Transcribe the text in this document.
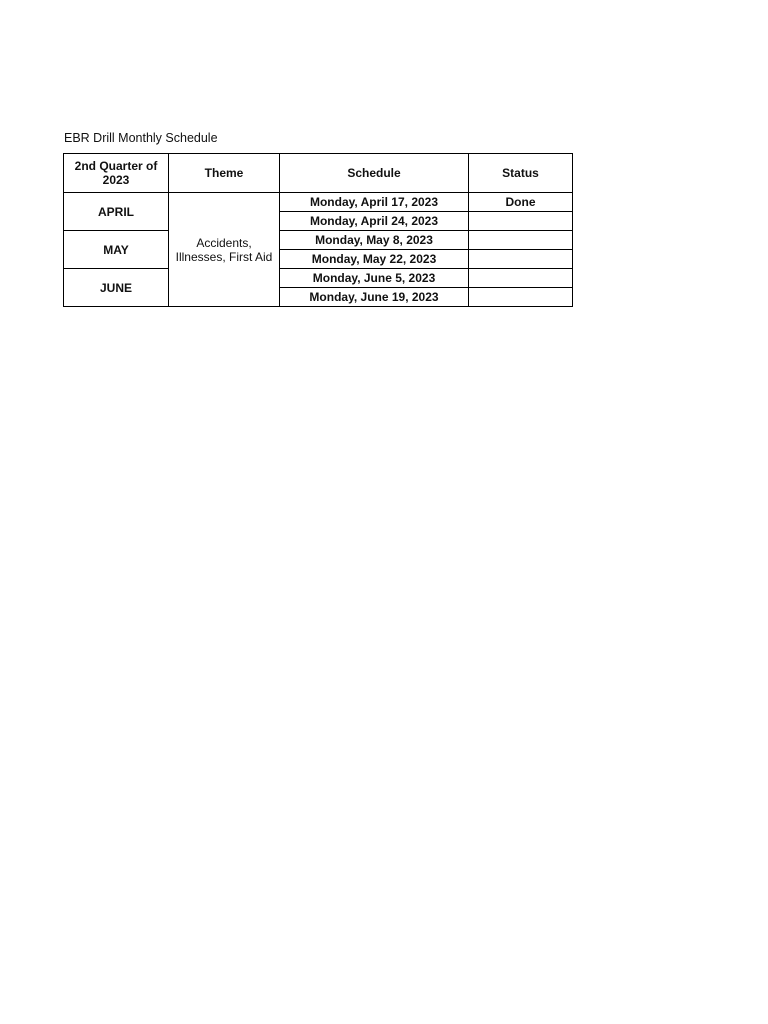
EBR Drill Monthly Schedule
2nd Quarter of 2023	Theme	Schedule	Status
APRIL	Accidents, Illnesses, First Aid	Monday, April 17, 2023	Done
		Monday, April 24, 2023	
MAY		Monday, May 8, 2023	
		Monday, May 22, 2023	
JUNE		Monday, June 5, 2023	
		Monday, June 19, 2023	
